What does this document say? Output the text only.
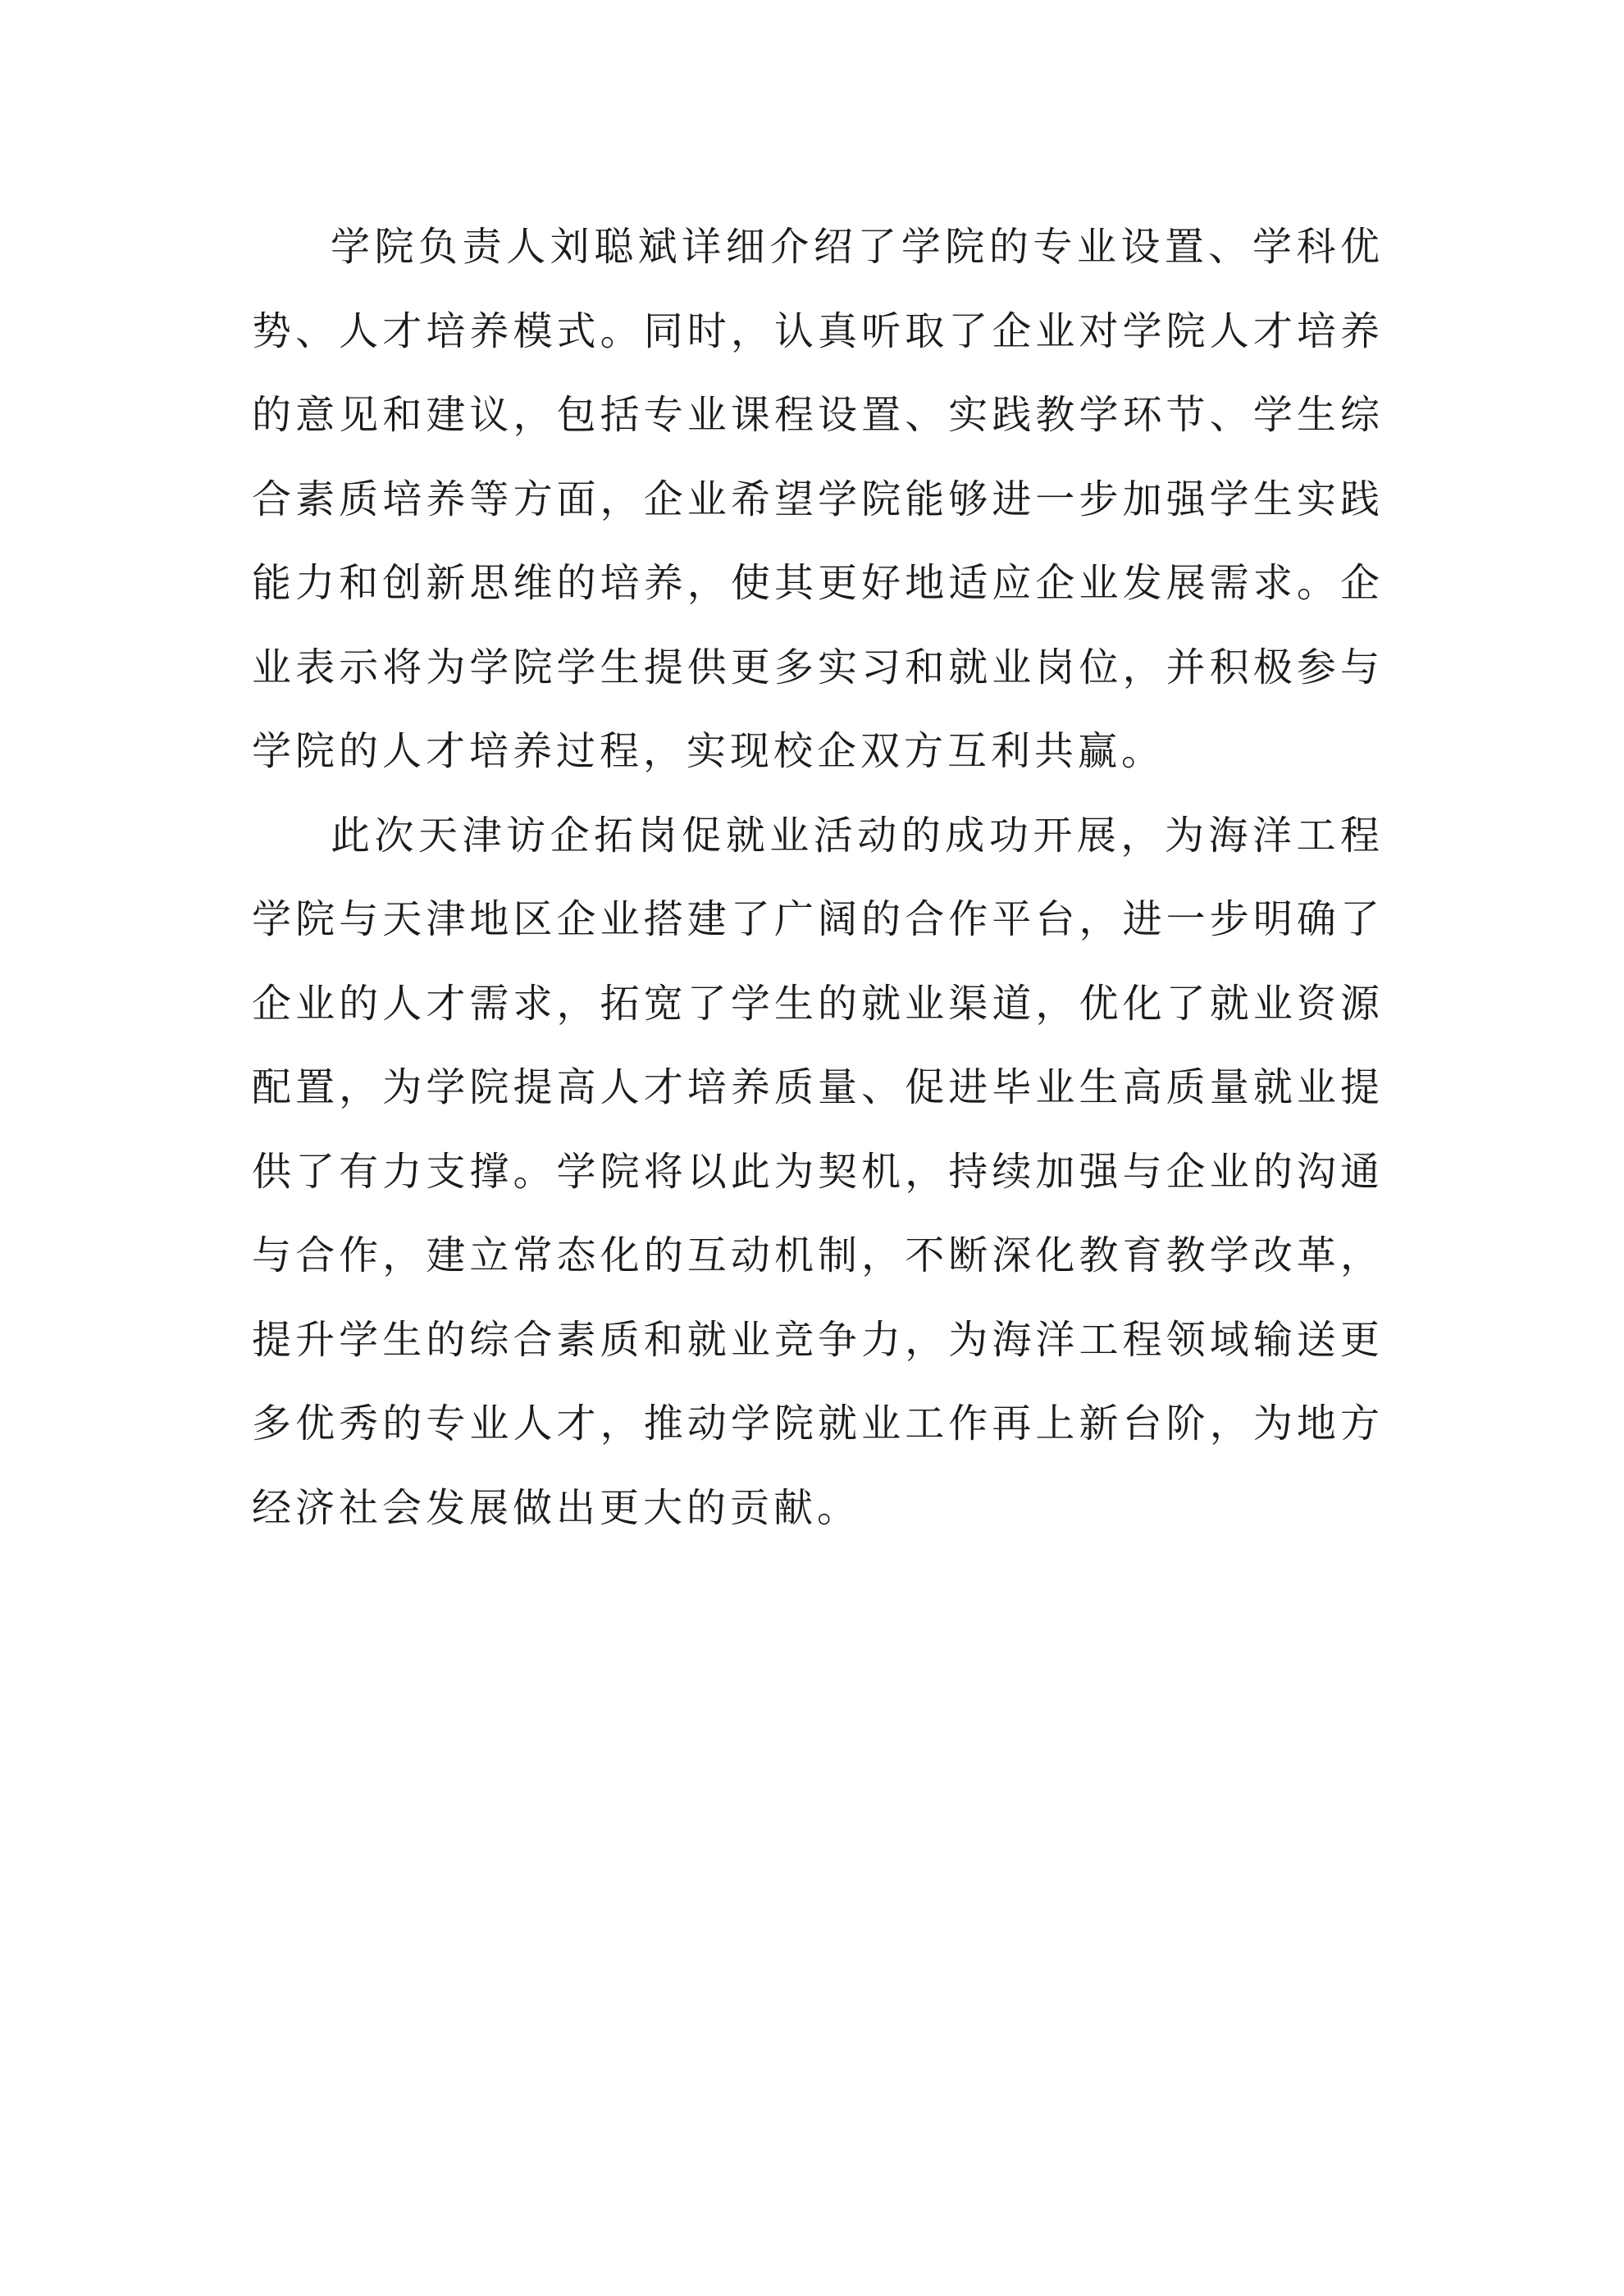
学院负责人刘聪斌详细介绍了学院的专业设置、学科优势、人才培养模式。同时，认真听取了企业对学院人才培养的意见和建议，包括专业课程设置、实践教学环节、学生综合素质培养等方面，企业希望学院能够进一步加强学生实践能力和创新思维的培养，使其更好地适应企业发展需求。企业表示将为学院学生提供更多实习和就业岗位，并积极参与学院的人才培养过程，实现校企双方互利共赢。

此次天津访企拓岗促就业活动的成功开展，为海洋工程学院与天津地区企业搭建了广阔的合作平台，进一步明确了企业的人才需求，拓宽了学生的就业渠道，优化了就业资源配置，为学院提高人才培养质量、促进毕业生高质量就业提供了有力支撑。学院将以此为契机，持续加强与企业的沟通与合作，建立常态化的互动机制，不断深化教育教学改革，提升学生的综合素质和就业竞争力，为海洋工程领域输送更多优秀的专业人才，推动学院就业工作再上新台阶，为地方经济社会发展做出更大的贡献。
